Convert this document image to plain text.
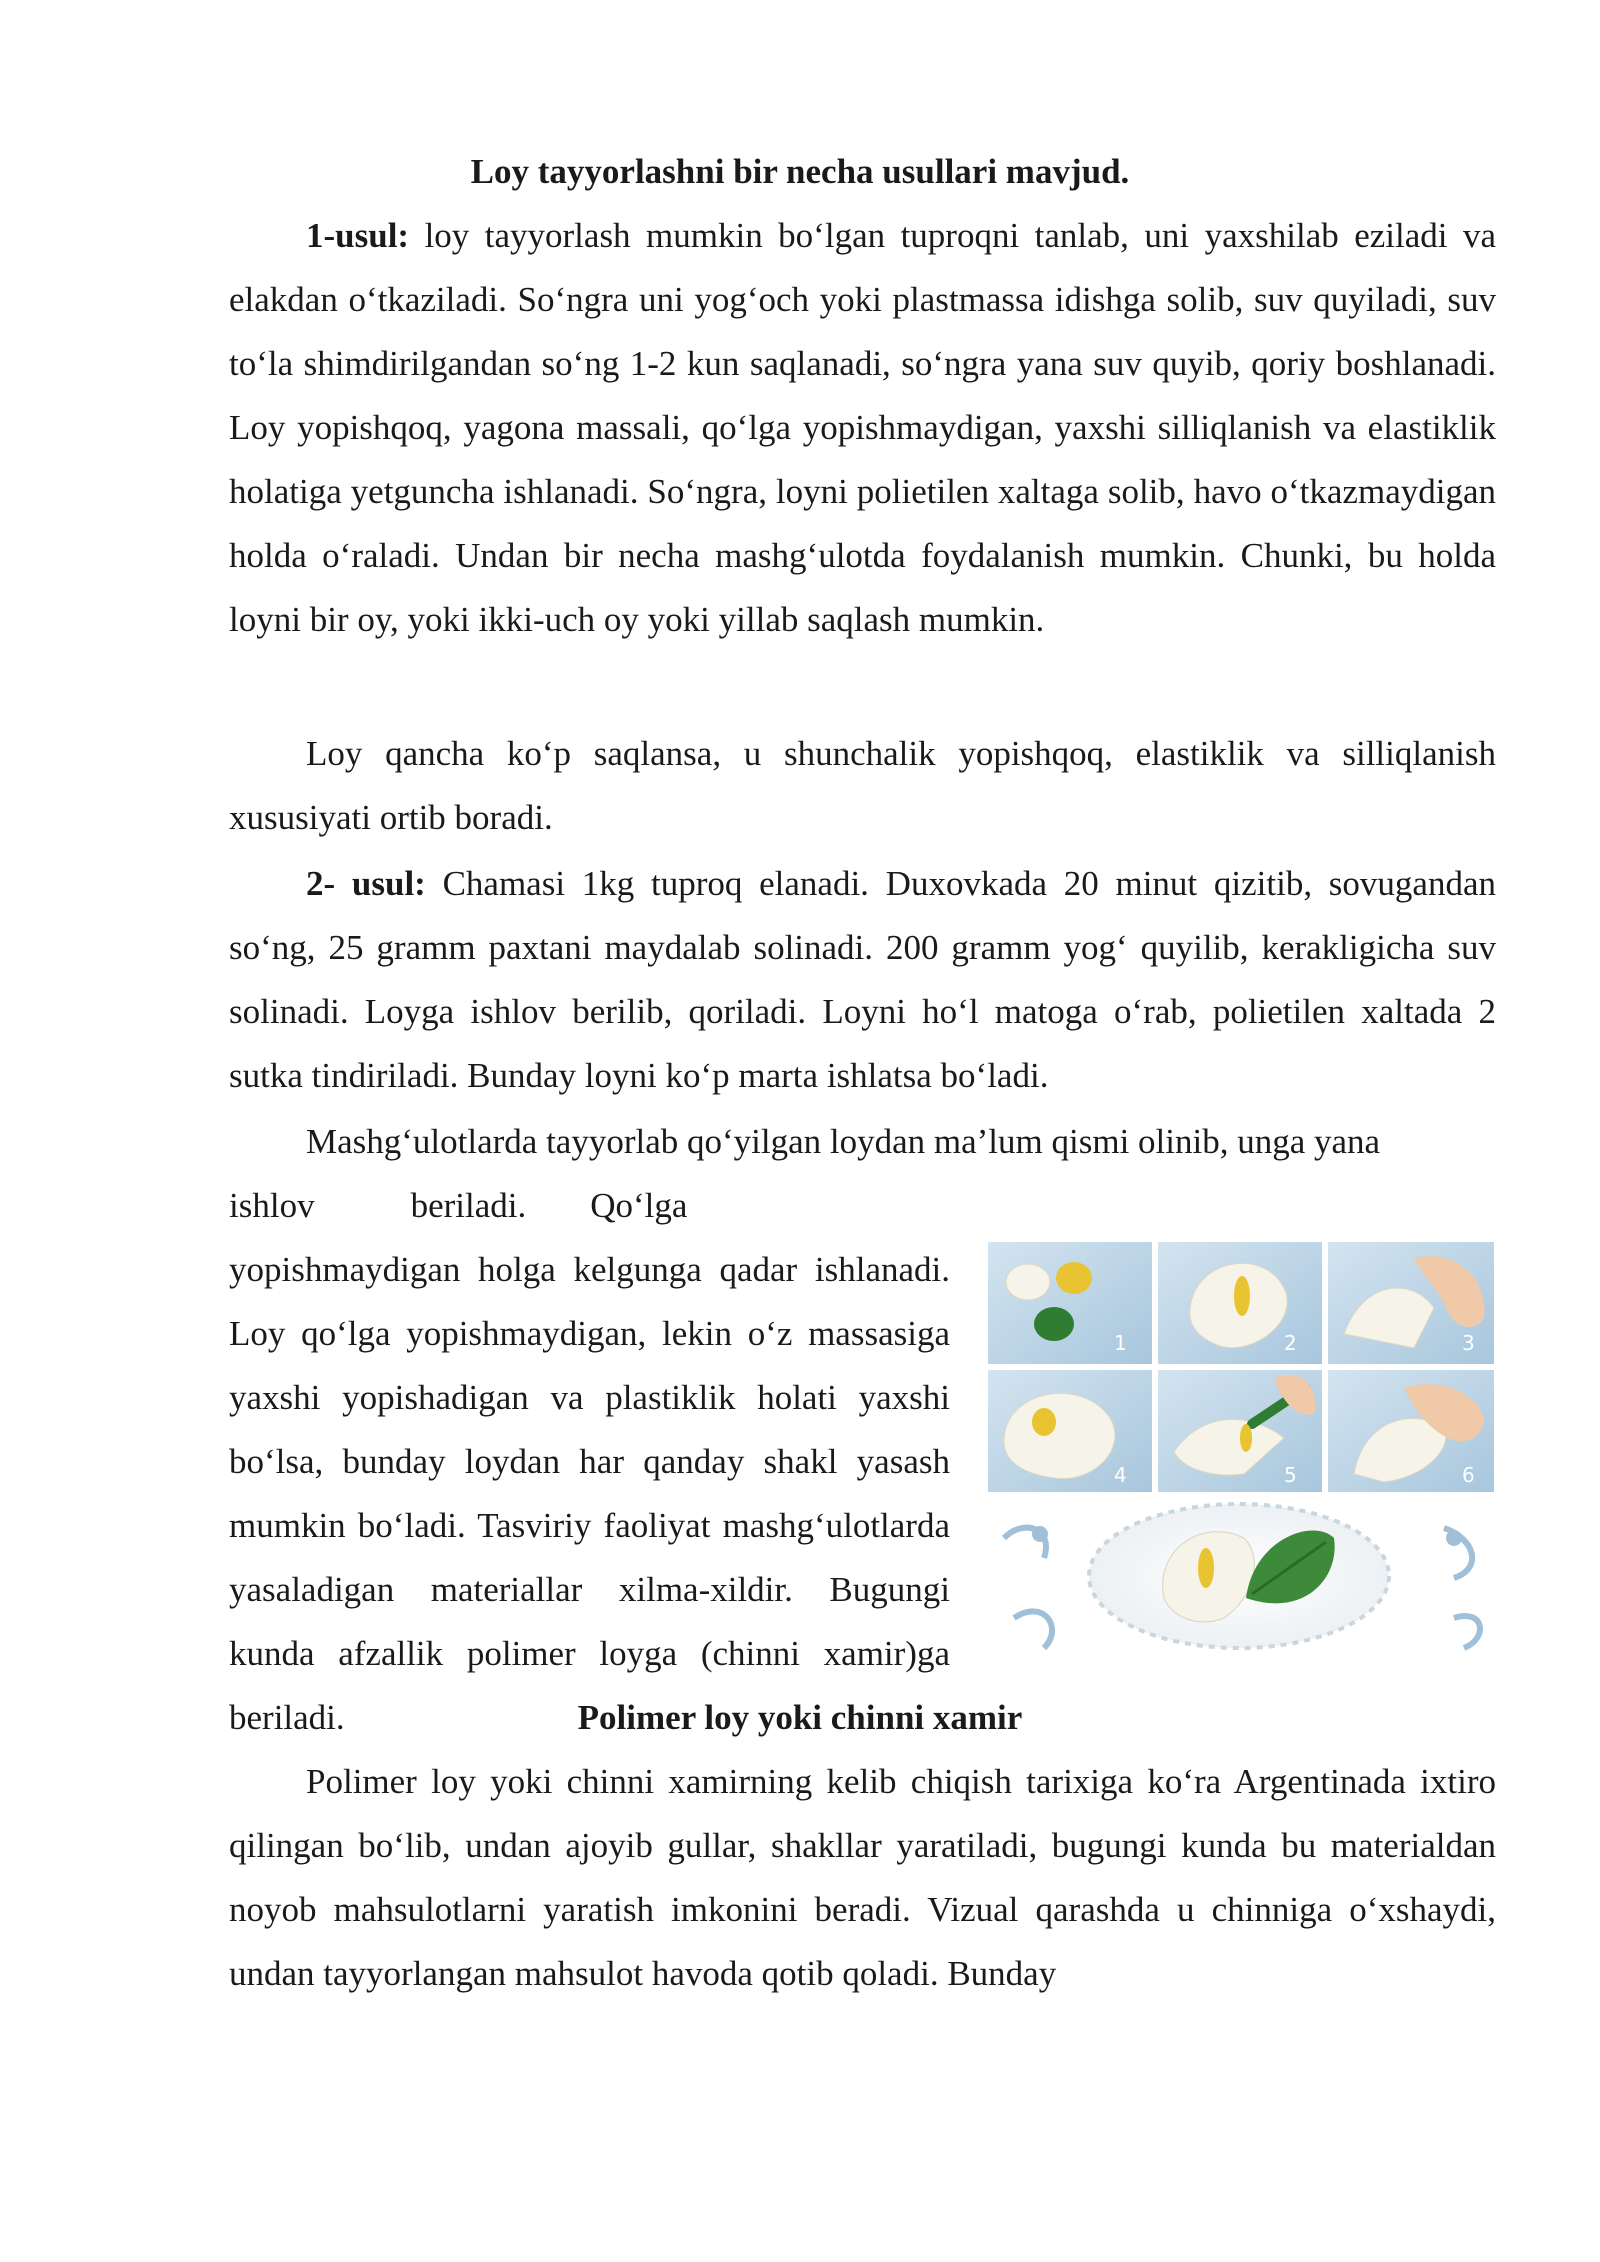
Loy tayyorlashni bir necha usullari mavjud.
1-usul: loy tayyorlash mumkin bo‘lgan tuproqni tanlab, uni yaxshilab eziladi va elakdan o‘tkaziladi. So‘ngra uni yog‘och yoki plastmassa idishga solib, suv quyiladi, suv to‘la shimdirilgandan so‘ng 1-2 kun saqlanadi, so‘ngra yana suv quyib, qoriy boshlanadi. Loy yopishqoq, yagona massali, qo‘lga yopishmaydigan, yaxshi silliqlanish va elastiklik holatiga yetguncha ishlanadi. So‘ngra, loyni polietilen xaltaga solib, havo o‘tkazmaydigan holda o‘raladi. Undan bir necha mashg‘ulotda foydalanish mumkin. Chunki, bu holda loyni bir oy, yoki ikki-uch oy yoki yillab saqlash mumkin.
Loy qancha ko‘p saqlansa, u shunchalik yopishqoq, elastiklik va silliqlanish xususiyati ortib boradi.
2- usul: Chamasi 1kg tuproq elanadi. Duxovkada 20 minut qizitib, sovugandan so‘ng, 25 gramm paxtani maydalab solinadi. 200 gramm yog‘ quyilib, kerakligicha suv solinadi. Loyga ishlov berilib, qoriladi. Loyni ho‘l matoga o‘rab, polietilen xaltada 2 sutka tindiriladi. Bunday loyni ko‘p marta ishlatsa bo‘ladi.
Mashg‘ulotlarda tayyorlab qo‘yilgan loydan ma’lum qismi olinib, unga yana
ishlov	beriladi. Qo‘lga
yopishmaydigan holga kelgunga qadar ishlanadi. Loy qo‘lga yopishmaydigan, lekin o‘z massasiga yaxshi yopishadigan va plastiklik holati yaxshi bo‘lsa, bunday loydan har qanday shakl yasash mumkin bo‘ladi. Tasviriy faoliyat mashg‘ulotlarda yasaladigan materiallar xilma-xildir. Bugungi kunda afzallik polimer loyga (chinni xamir)ga beriladi.
1	2	3
4	5	6
Polimer loy yoki chinni xamir
Polimer loy yoki chinni xamirning kelib chiqish tarixiga ko‘ra Argentinada ixtiro qilingan bo‘lib, undan ajoyib gullar, shakllar yaratiladi, bugungi kunda bu materialdan noyob mahsulotlarni yaratish imkonini beradi. Vizual qarashda u chinniga o‘xshaydi, undan tayyorlangan mahsulot havoda qotib qoladi. Bunday
